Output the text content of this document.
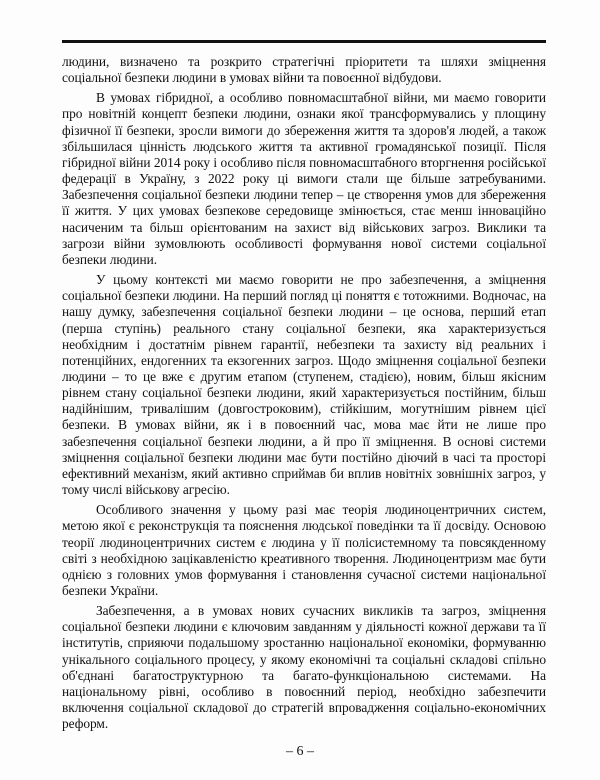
людини, визначено та розкрито стратегічні пріоритети та шляхи зміцнення соціальної безпеки людини в умовах війни та повоєнної відбудови.

В умовах гібридної, а особливо повномасштабної війни, ми маємо говорити про новітній концепт безпеки людини, ознаки якої трансформувались у площину фізичної її безпеки, зросли вимоги до збереження життя та здоров'я людей, а також збільшилася цінність людського життя та активної громадянської позиції. Після гібридної війни 2014 року і особливо після повномасштабного вторгнення російської федерації в Україну, з 2022 року ці вимоги стали ще більше затребуваними. Забезпечення соціальної безпеки людини тепер – це створення умов для збереження її життя. У цих умовах безпекове середовище змінюється, стає менш інноваційно насиченим та більш орієнтованим на захист від військових загроз. Виклики та загрози війни зумовлюють особливості формування нової системи соціальної безпеки людини.

У цьому контексті ми маємо говорити не про забезпечення, а зміцнення соціальної безпеки людини. На перший погляд ці поняття є тотожними. Водночас, на нашу думку, забезпечення соціальної безпеки людини – це основа, перший етап (перша ступінь) реального стану соціальної безпеки, яка характеризується необхідним і достатнім рівнем гарантії, небезпеки та захисту від реальних і потенційних, ендогенних та екзогенних загроз. Щодо зміцнення соціальної безпеки людини – то це вже є другим етапом (ступенем, стадією), новим, більш якісним рівнем стану соціальної безпеки людини, який характеризується постійним, більш надійнішим, тривалішим (довгостроковим), стійкішим, могутнішим рівнем цієї безпеки. В умовах війни, як і в повоєнний час, мова має йти не лише про забезпечення соціальної безпеки людини, а й про її зміцнення. В основі системи зміцнення соціальної безпеки людини має бути постійно діючий в часі та просторі ефективний механізм, який активно сприймав би вплив новітніх зовнішніх загроз, у тому числі військову агресію.

Особливого значення у цьому разі має теорія людиноцентричних систем, метою якої є реконструкція та пояснення людської поведінки та її досвіду. Основою теорії людиноцентричних систем є людина у її полісистемному та повсякденному світі з необхідною зацікавленістю креативного творення. Людиноцентризм має бути однією з головних умов формування і становлення сучасної системи національної безпеки України.

Забезпечення, а в умовах нових сучасних викликів та загроз, зміцнення соціальної безпеки людини є ключовим завданням у діяльності кожної держави та її інститутів, сприяючи подальшому зростанню національної економіки, формуванню унікального соціального процесу, у якому економічні та соціальні складові спільно об'єднані багатоструктурною та багато-функціональною системами. На національному рівні, особливо в повоєнний період, необхідно забезпечити включення соціальної складової до стратегій впровадження соціально-економічних реформ.

– 6 –
